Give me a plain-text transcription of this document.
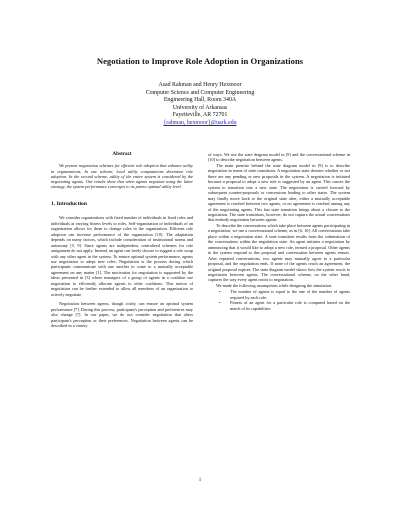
Negotiation to Improve Role Adoption in Organizations
Asad Rahman and Henry Hexmoor
Computer Science and Computer Engineering
Engineering Hall, Room 340A
University of Arkansas
Fayetteville, AR 72701
{rahman, hexmoor}@uark.edu
Abstract

We present negotiation schemes for efficient role adoption that enhance utility in organizations. In one scheme, local utility computations determine role adoption. In the second scheme, utility of the entire system is considered by the negotiating agents. Our results show that when agents negotiate using the latter strategy, the system performance converges to its pareto optimal utility level.

1. Introduction

We consider organizations with fixed number of individuals in fixed roles and individuals at varying fitness levels to roles. Self-organization of individuals of an organization allows for them to change roles in the organization. Efficient role adoption can increase performance of the organization [10]. The adaptation depends on many factors, which include consideration of institutional norms and autonomy [5, 9]. Since agents are independent, centralized schemes for role assignment do not apply. Instead, an agent can freely choose to suggest a role swap with any other agent in the system. To ensure optimal system performance, agents use negotiation to adopt new roles. Negotiation is the process during which participants communicate with one another to come to a mutually acceptable agreement on any matter [1]. The motivation for negotiation is supported by the ideas presented in [3] where managers of a group of agents in a coalition use negotiation to efficiently allocate agents to other coalitions. This notion of negotiation can be further extended to allow all members of an organization to actively negotiate.

Negotiation between agents, though costly, can ensure an optimal system performance [7]. During this process, participant's perception and preferences may also change [7]. In our paper, we do not consider negotiation that alters participant's perception or their preferences. Negotiation between agents can be described in a variety

of ways. We use the state diagram model in [9] and the conversational scheme in [10] to describe negotiation between agents.

The main premise behind the state diagram model in [9] is to describe negotiation in terms of state transitions. A negotiation state denotes whether or not there are any pending or new proposals in the system. A negotiation is initiated because a proposal to adopt a new role is suggested by an agent. This causes the system to transition into a new state. The negotiation is carried forward by subsequent counter-proposals or concessions leading to other states. The system may finally move back to the original state after, either a mutually acceptable agreement is reached between two agents, or no agreement is reached among any of the negotiating agents. This last state transition brings about a closure to the negotiation. The state transitions, however, do not capture the actual conversations that embody negotiation between agents.

To describe the conversations which take place between agents participating in a negotiation, we use a conversational scheme, as in [6, 10]. All conversations take place within a negotiation state. A state transition results from the culmination of the conversations within the negotiation state. An agent initiates a negotiation by announcing that it would like to adopt a new role, termed a proposal. Other agents in the system respond to this proposal and conversation between agents ensues. After repeated conversations, two agents may mutually agree to a particular proposal, and the negotiation ends. If none of the agents reach an agreement, the original proposal expires. The state diagram model shows how the system reacts to negotiation between agents. The conversational scheme, on the other hand, captures the way every agent reacts to negotiation.

We made the following assumptions while designing the simulation.

• The number of agents is equal to the one of the number of agents required by each role.
• Fitness of an agent for a particular role is computed based on the match of its capabilities
1
